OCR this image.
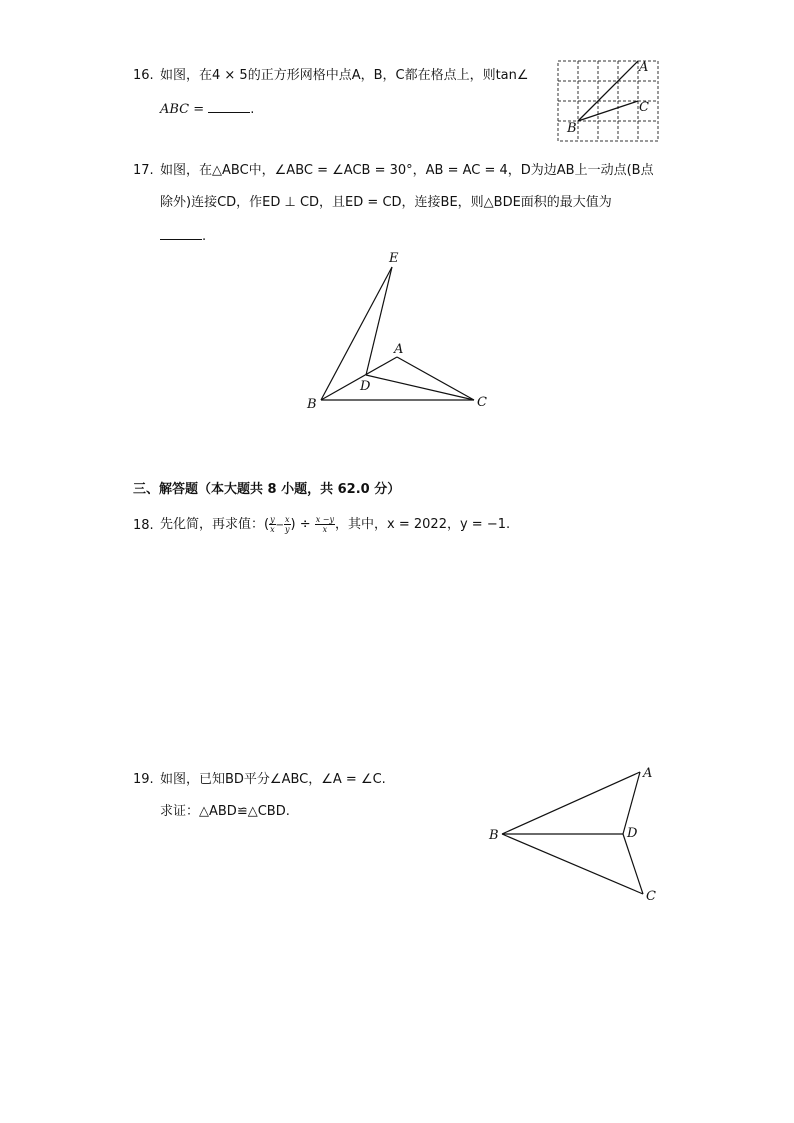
16. 如图，在4 × 5的正方形网格中点A，B，C都在格点上，则tan∠
ABC =	.
A
C
B
17. 如图，在△ABC中，∠ABC = ∠ACB = 30°，AB = AC = 4，D为边AB上一动点(B点
除外)连接CD，作ED ⊥ CD，且ED = CD，连接BE，则△BDE面积的最大值为
.
E
A
D
B	C
三、解答题（本大题共 8 小题，共 62.0 分）
18. 先化简，再求值：( $\frac{y}{x} - \frac{x}{y}$ ) ÷ $\frac{x -y}{x}$ ，其中，x = 2022，y = −1.
19. 如图，已知BD平分∠ABC，∠A = ∠C.
求证：△ABD≌△CBD.
A
B	D
C
